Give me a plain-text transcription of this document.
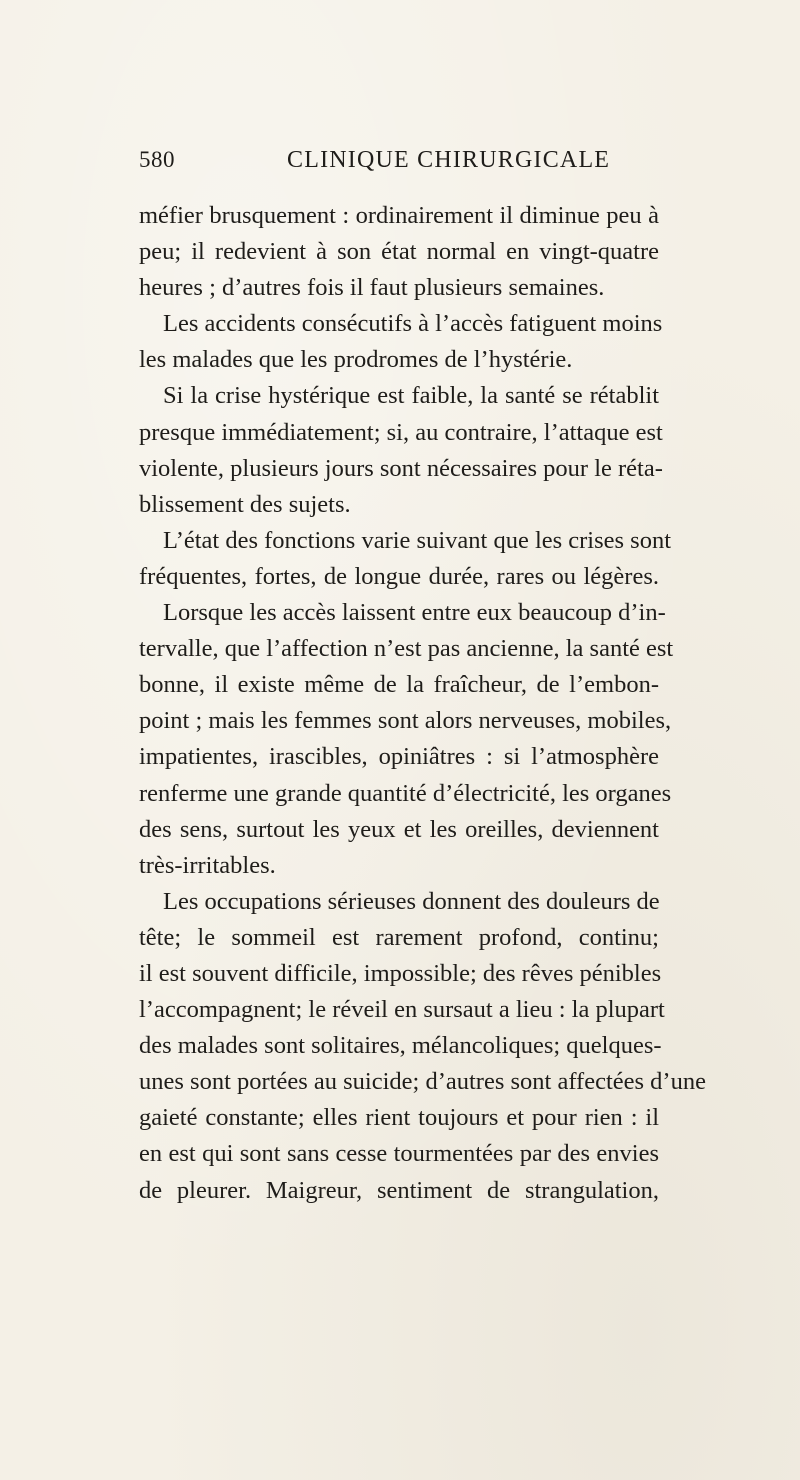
580	CLINIQUE CHIRURGICALE
méfier brusquement : ordinairement il diminue peu à
peu; il redevient à son état normal en vingt-quatre
heures ; d’autres fois il faut plusieurs semaines.
Les accidents consécutifs à l’accès fatiguent moins
les malades que les prodromes de l’hystérie.
Si la crise hystérique est faible, la santé se rétablit
presque immédiatement; si, au contraire, l’attaque est
violente, plusieurs jours sont nécessaires pour le réta-
blissement des sujets.
L’état des fonctions varie suivant que les crises sont
fréquentes, fortes, de longue durée, rares ou légères.
Lorsque les accès laissent entre eux beaucoup d’in-
tervalle, que l’affection n’est pas ancienne, la santé est
bonne, il existe même de la fraîcheur, de l’embon-
point ; mais les femmes sont alors nerveuses, mobiles,
impatientes, irascibles, opiniâtres : si l’atmosphère
renferme une grande quantité d’électricité, les organes
des sens, surtout les yeux et les oreilles, deviennent
très-irritables.
Les occupations sérieuses donnent des douleurs de
tête; le sommeil est rarement profond, continu;
il est souvent difficile, impossible; des rêves pénibles
l’accompagnent; le réveil en sursaut a lieu : la plupart
des malades sont solitaires, mélancoliques; quelques-
unes sont portées au suicide; d’autres sont affectées d’une
gaieté constante; elles rient toujours et pour rien : il
en est qui sont sans cesse tourmentées par des envies
de pleurer. Maigreur, sentiment de strangulation,
